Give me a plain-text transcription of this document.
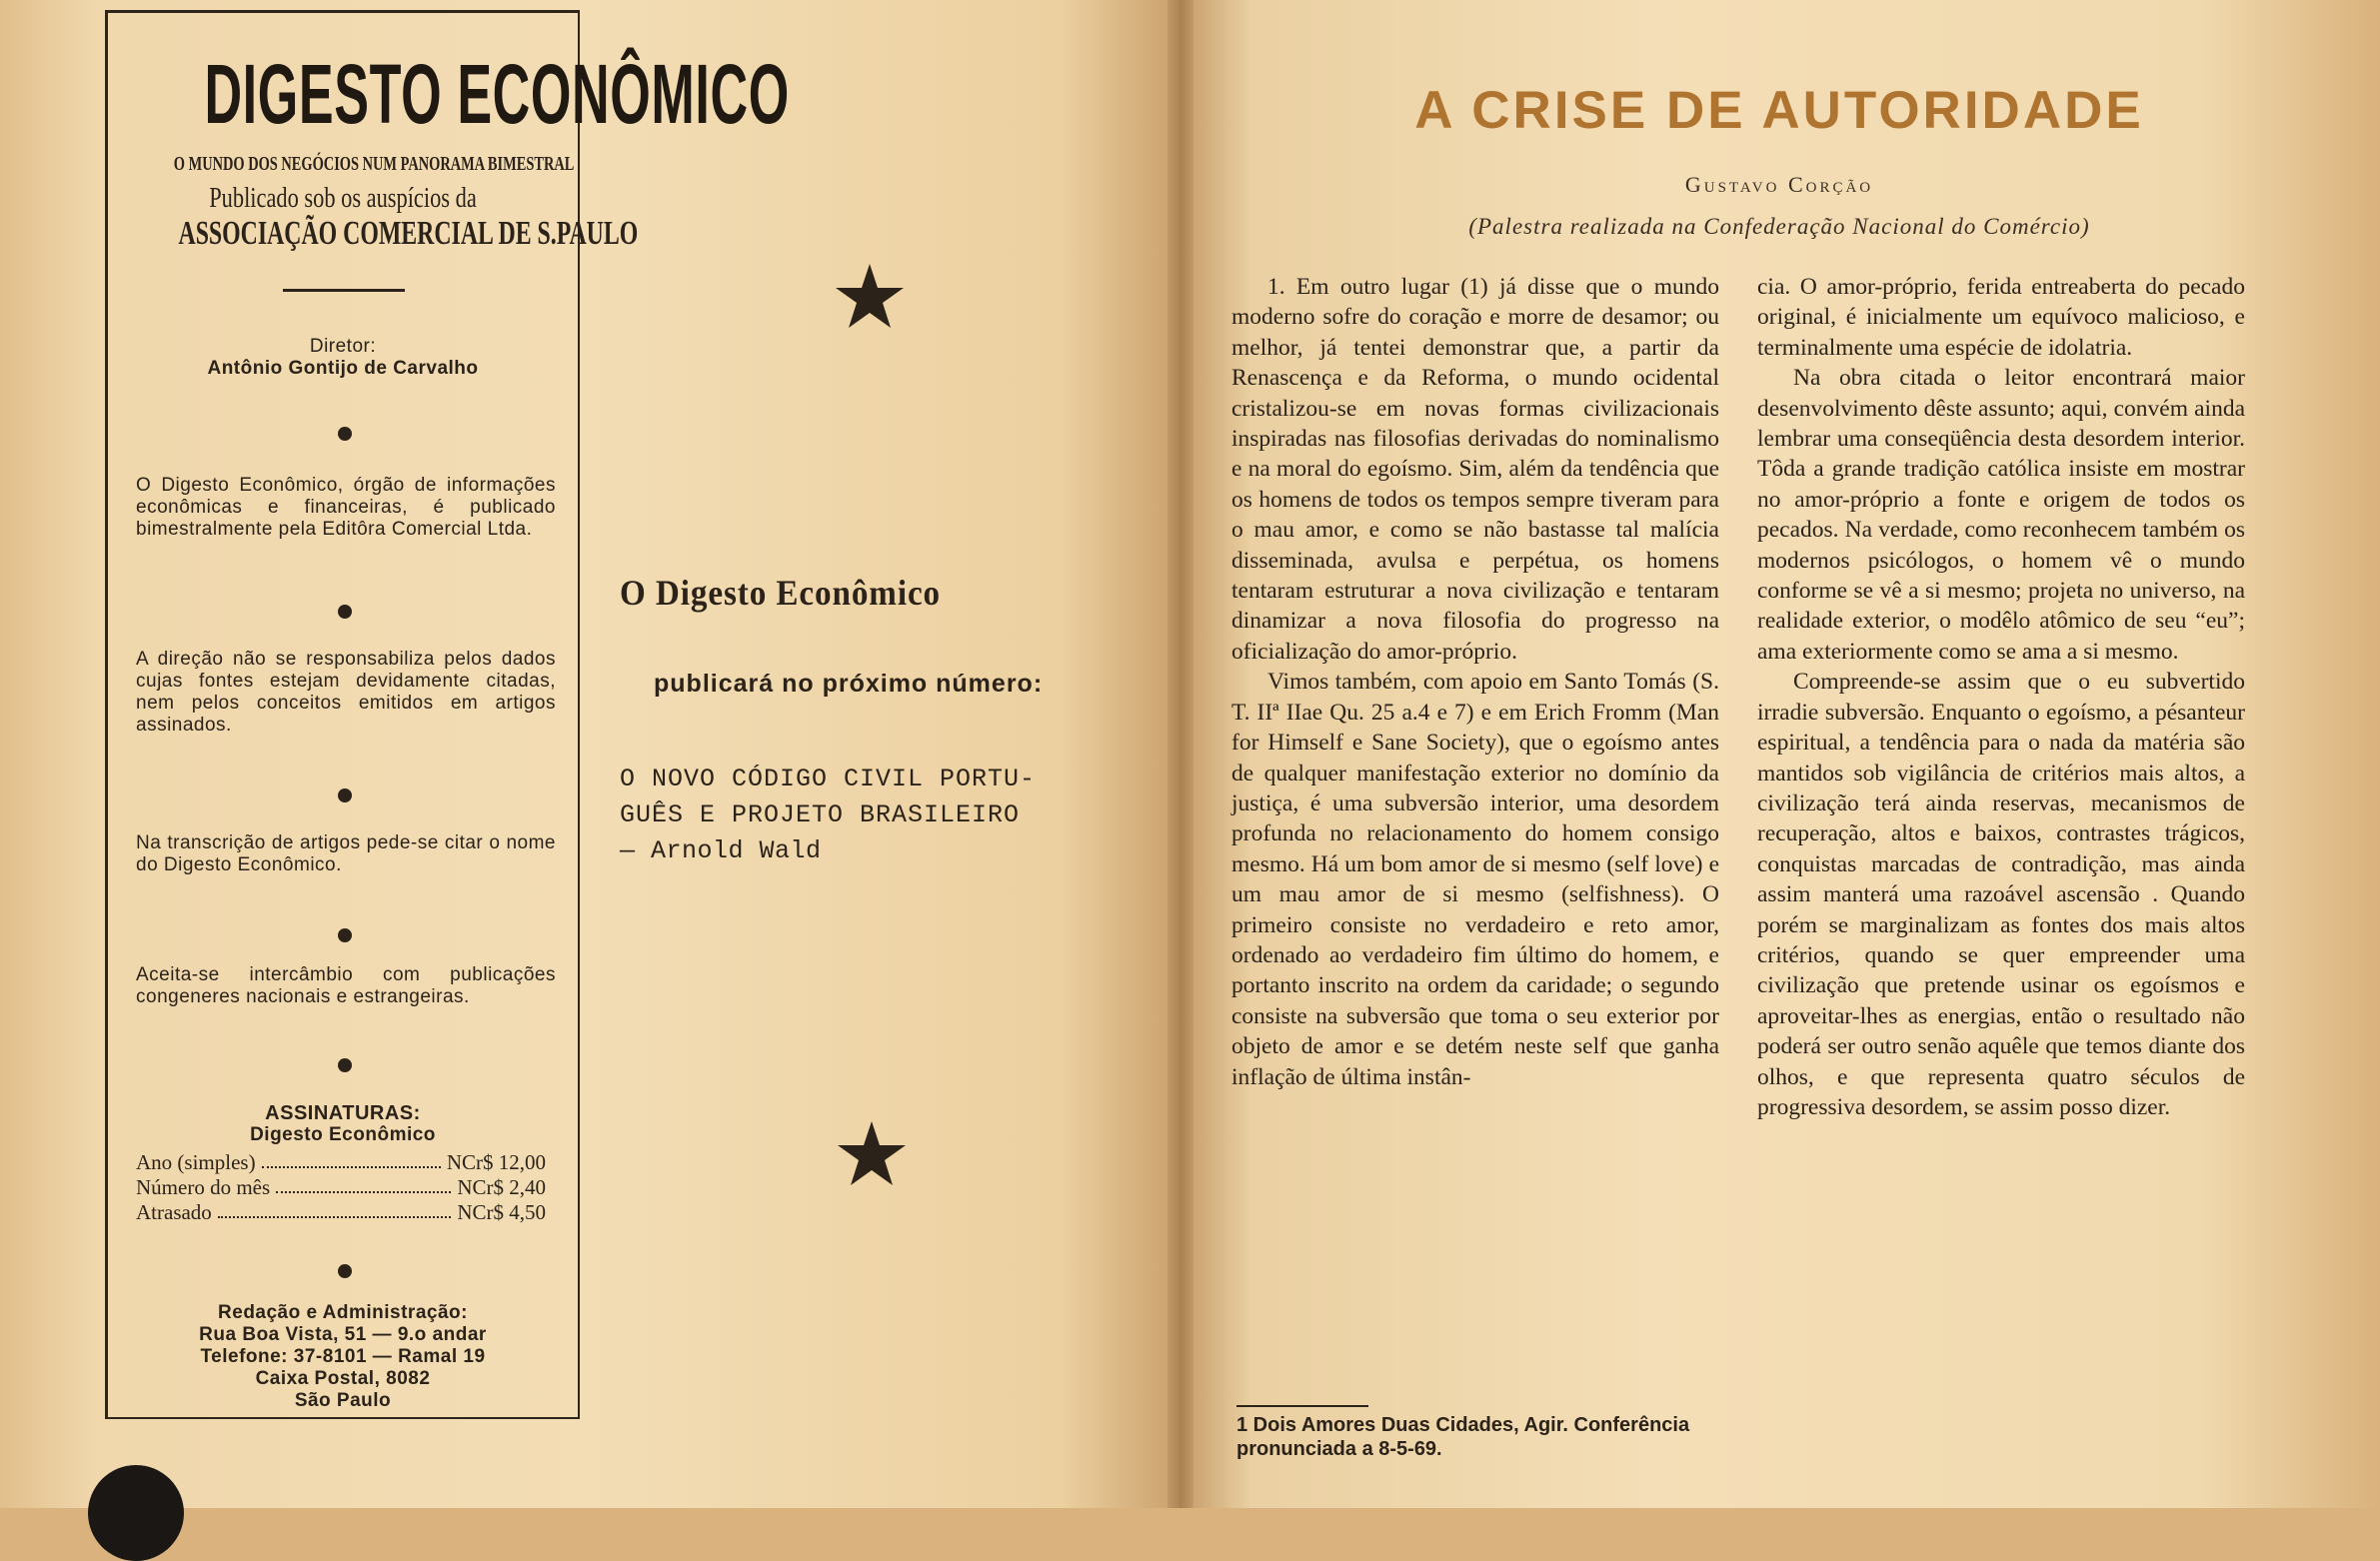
DIGESTO ECONÔMICO
O MUNDO DOS NEGÓCIOS NUM PANORAMA BIMESTRAL
Publicado sob os auspícios da
ASSOCIAÇÃO COMERCIAL DE S.PAULO
Diretor:
Antônio Gontijo de Carvalho
O Digesto Econômico, órgão de informações econômicas e financeiras, é publicado bimestralmente pela Editôra Comercial Ltda.
A direção não se responsabiliza pelos dados cujas fontes estejam devidamente citadas, nem pelos conceitos emitidos em artigos assinados.
Na transcrição de artigos pede-se citar o nome do Digesto Econômico.
Aceita-se intercâmbio com publicações congeneres nacionais e estrangeiras.
ASSINATURAS:
Digesto Econômico
Ano (simples)	NCr$ 12,00
Número do mês	NCr$ 2,40
Atrasado	NCr$ 4,50
Redação e Administração:
Rua Boa Vista, 51 — 9.o andar
Telefone: 37-8101 — Ramal 19
Caixa Postal, 8082
São Paulo
O Digesto Econômico
publicará no próximo número:
O NOVO CÓDIGO CIVIL PORTU-
GUÊS E PROJETO BRASILEIRO
— Arnold Wald
A CRISE DE AUTORIDADE
Gustavo Corção
(Palestra realizada na Confederação Nacional do Comércio)

1. Em outro lugar (1) já disse que o mundo moderno sofre do coração e morre de desamor; ou melhor, já tentei demonstrar que, a partir da Renascença e da Reforma, o mundo ocidental cristalizou-se em novas formas civilizacionais inspiradas nas filosofias derivadas do nominalismo e na moral do egoísmo. Sim, além da tendência que os homens de todos os tempos sempre tiveram para o mau amor, e como se não bastasse tal malícia disseminada, avulsa e perpétua, os homens tentaram estruturar a nova civilização e tentaram dinamizar a nova filosofia do progresso na oficialização do amor-próprio.

Vimos também, com apoio em Santo Tomás (S. T. IIª IIae Qu. 25 a.4 e 7) e em Erich Fromm (Man for Himself e Sane Society), que o egoísmo antes de qualquer manifestação exterior no domínio da justiça, é uma subversão interior, uma desordem profunda no relacionamento do homem consigo mesmo. Há um bom amor de si mesmo (self love) e um mau amor de si mesmo (selfishness). O primeiro consiste no verdadeiro e reto amor, ordenado ao verdadeiro fim último do homem, e portanto inscrito na ordem da caridade; o segundo consiste na subversão que toma o seu exterior por objeto de amor e se detém neste self que ganha inflação de última instân-

cia. O amor-próprio, ferida entreaberta do pecado original, é inicialmente um equívoco malicioso, e terminalmente uma espécie de idolatria.

Na obra citada o leitor encontrará maior desenvolvimento dêste assunto; aqui, convém ainda lembrar uma conseqüência desta desordem interior. Tôda a grande tradição católica insiste em mostrar no amor-próprio a fonte e origem de todos os pecados. Na verdade, como reconhecem também os modernos psicólogos, o homem vê o mundo conforme se vê a si mesmo; projeta no universo, na realidade exterior, o modêlo atômico de seu “eu”; ama exteriormente como se ama a si mesmo.

Compreende-se assim que o eu subvertido irradie subversão. Enquanto o egoísmo, a pésanteur espiritual, a tendência para o nada da matéria são mantidos sob vigilância de critérios mais altos, a civilização terá ainda reservas, mecanismos de recuperação, altos e baixos, contrastes trágicos, conquistas marcadas de contradição, mas ainda assim manterá uma razoável ascensão . Quando porém se marginalizam as fontes dos mais altos critérios, quando se quer empreender uma civilização que pretende usinar os egoísmos e aproveitar-lhes as energias, então o resultado não poderá ser outro senão aquêle que temos diante dos olhos, e que representa quatro séculos de progressiva desordem, se assim posso dizer.

1 Dois Amores Duas Cidades, Agir. Conferência pronunciada a 8-5-69.
